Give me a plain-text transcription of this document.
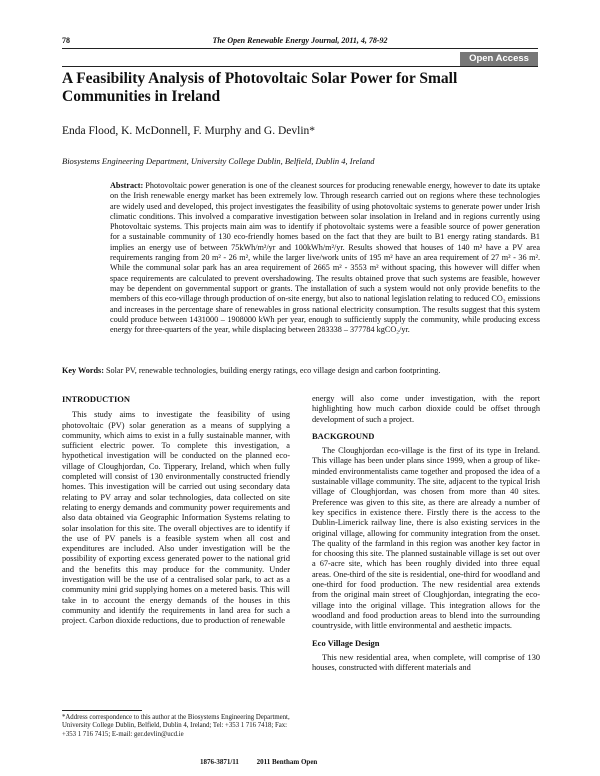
78	The Open Renewable Energy Journal, 2011, 4, 78-92
Open Access
A Feasibility Analysis of Photovoltaic Solar Power for Small Communities in Ireland
Enda Flood, K. McDonnell, F. Murphy and G. Devlin*
Biosystems Engineering Department, University College Dublin, Belfield, Dublin 4, Ireland

Abstract: Photovoltaic power generation is one of the cleanest sources for producing renewable energy, however to date its uptake on the Irish renewable energy market has been extremely low. Through research carried out on regions where these technologies are widely used and developed, this project investigates the feasibility of using photovoltaic systems to generate power under Irish climatic conditions. This involved a comparative investigation between solar insolation in Ireland and in regions currently using Photovoltaic systems. This projects main aim was to identify if photovoltaic systems were a feasible source of power generation for a sustainable community of 130 eco-friendly homes based on the fact that they are built to B1 energy rating standards. B1 implies an energy use of between 75kWh/m²/yr and 100kWh/m²/yr. Results showed that houses of 140 m² have a PV area requirements ranging from 20 m² - 26 m², while the larger live/work units of 195 m² have an area requirement of 27 m² - 36 m². While the communal solar park has an area requirement of 2665 m² - 3553 m² without spacing, this however will differ when space requirements are calculated to prevent overshadowing. The results obtained prove that such systems are feasible, however may be dependent on governmental support or grants. The installation of such a system would not only provide benefits to the members of this eco-village through production of on-site energy, but also to national legislation relating to reduced CO₂ emissions and increases in the percentage share of renewables in gross national electricity consumption. The results suggest that this system could produce between 1431000 – 1908000 kWh per year, enough to sufficiently supply the community, while producing excess energy for three-quarters of the year, while displacing between 283338 – 377784 kgCO₂/yr.

Key Words: Solar PV, renewable technologies, building energy ratings, eco village design and carbon footprinting.
INTRODUCTION

This study aims to investigate the feasibility of using photovoltaic (PV) solar generation as a means of supplying a community, which aims to exist in a fully sustainable manner, with sufficient electric power. To complete this investigation, a hypothetical investigation will be conducted on the planned eco-village of Cloughjordan, Co. Tipperary, Ireland, which when fully completed will consist of 130 environmentally constructed friendly homes. This investigation will be carried out using secondary data relating to PV array and solar technologies, data collected on site relating to energy demands and community power requirements and also data obtained via Geographic Information Systems relating to solar insolation for this site. The overall objectives are to identify if the use of PV panels is a feasible system when all cost and expenditures are included. Also under investigation will be the possibility of exporting excess generated power to the national grid and the benefits this may produce for the community. Under investigation will be the use of a centralised solar park, to act as a community mini grid supplying homes on a metered basis. This will take in to account the energy demands of the houses in this community and identify the requirements in land area for such a project. Carbon dioxide reductions, due to production of renewable

*Address correspondence to this author at the Biosystems Engineering Department, University College Dublin, Belfield, Dublin 4, Ireland; Tel: +353 1 716 7418; Fax: +353 1 716 7415; E-mail: ger.devlin@ucd.ie

energy will also come under investigation, with the report highlighting how much carbon dioxide could be offset through development of such a project.

BACKGROUND

The Cloughjordan eco-village is the first of its type in Ireland. This village has been under plans since 1999, when a group of like-minded environmentalists came together and proposed the idea of a sustainable village community. The site, adjacent to the typical Irish village of Cloughjordan, was chosen from more than 40 sites. Preference was given to this site, as there are already a number of key specifics in existence there. Firstly there is the access to the Dublin-Limerick railway line, there is also existing services in the original village, allowing for community integration from the onset. The quality of the farmland in this region was another key factor in for choosing this site. The planned sustainable village is set out over a 67-acre site, which has been roughly divided into three equal areas. One-third of the site is residential, one-third for woodland and one-third for food production. The new residential area extends from the original main street of Cloughjordan, integrating the eco-village into the original village. This integration allows for the woodland and food production areas to blend into the surrounding countryside, with little environmental and aesthetic impacts.

Eco Village Design

This new residential area, when complete, will comprise of 130 houses, constructed with different materials and

1876-3871/11	2011 Bentham Open
